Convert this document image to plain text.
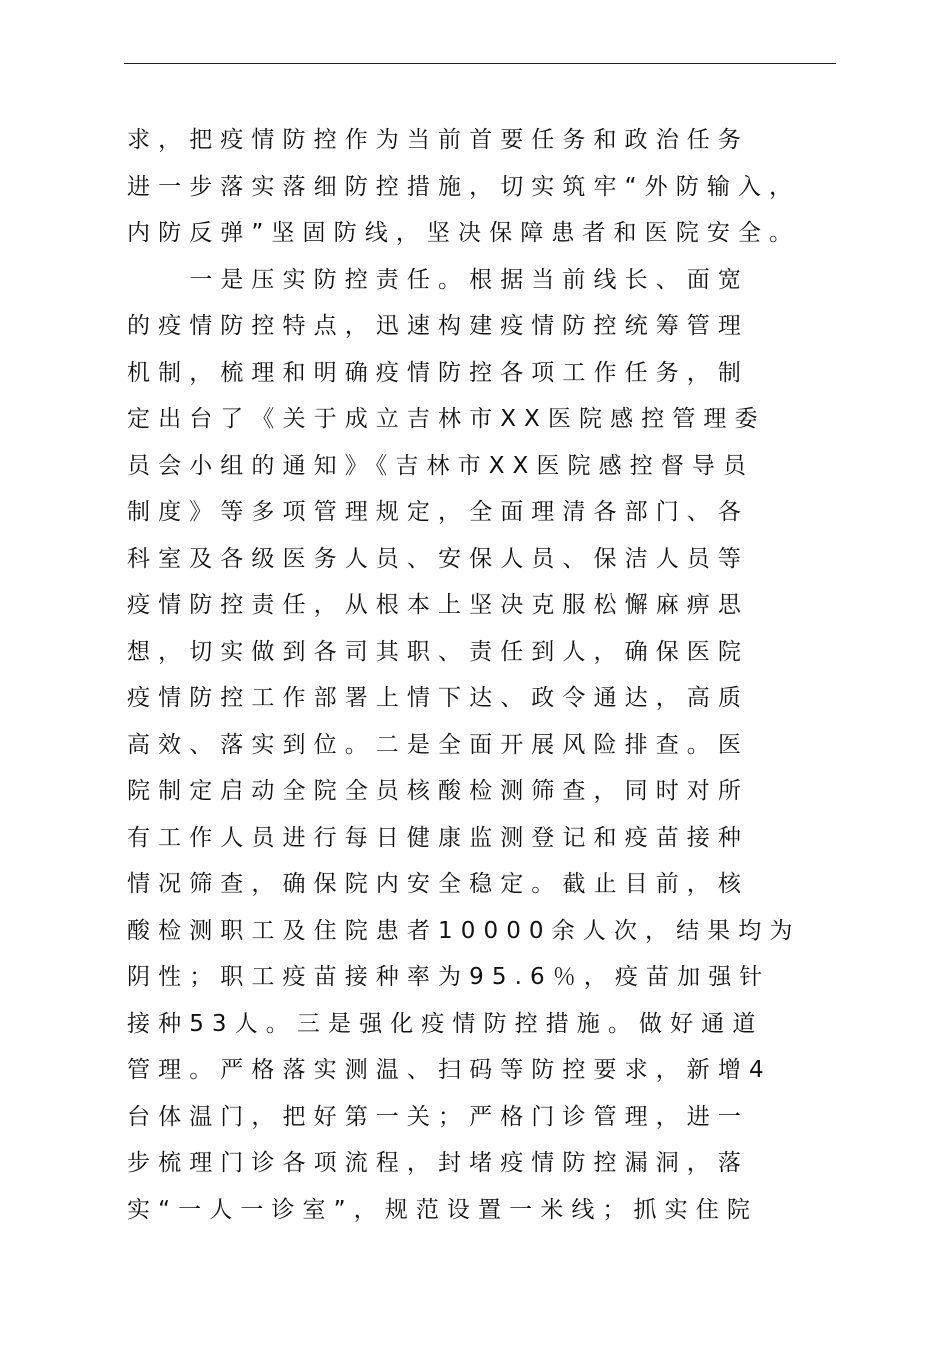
求，把疫情防控作为当前首要任务和政治任务
进一步落实落细防控措施，切实筑牢“外防输入，
内防反弹”坚固防线，坚决保障患者和医院安全。
　　一是压实防控责任。根据当前线长、面宽
的疫情防控特点，迅速构建疫情防控统筹管理
机制，梳理和明确疫情防控各项工作任务，制
定出台了《关于成立吉林市XX医院感控管理委
员会小组的通知》《吉林市XX医院感控督导员
制度》等多项管理规定，全面理清各部门、各
科室及各级医务人员、安保人员、保洁人员等
疫情防控责任，从根本上坚决克服松懈麻痹思
想，切实做到各司其职、责任到人，确保医院
疫情防控工作部署上情下达、政令通达，高质
高效、落实到位。二是全面开展风险排查。医
院制定启动全院全员核酸检测筛查，同时对所
有工作人员进行每日健康监测登记和疫苗接种
情况筛查，确保院内安全稳定。截止目前，核
酸检测职工及住院患者10000余人次，结果均为
阴性；职工疫苗接种率为95.6％，疫苗加强针
接种53人。三是强化疫情防控措施。做好通道
管理。严格落实测温、扫码等防控要求，新增4
台体温门，把好第一关；严格门诊管理，进一
步梳理门诊各项流程，封堵疫情防控漏洞，落
实“一人一诊室”，规范设置一米线；抓实住院
